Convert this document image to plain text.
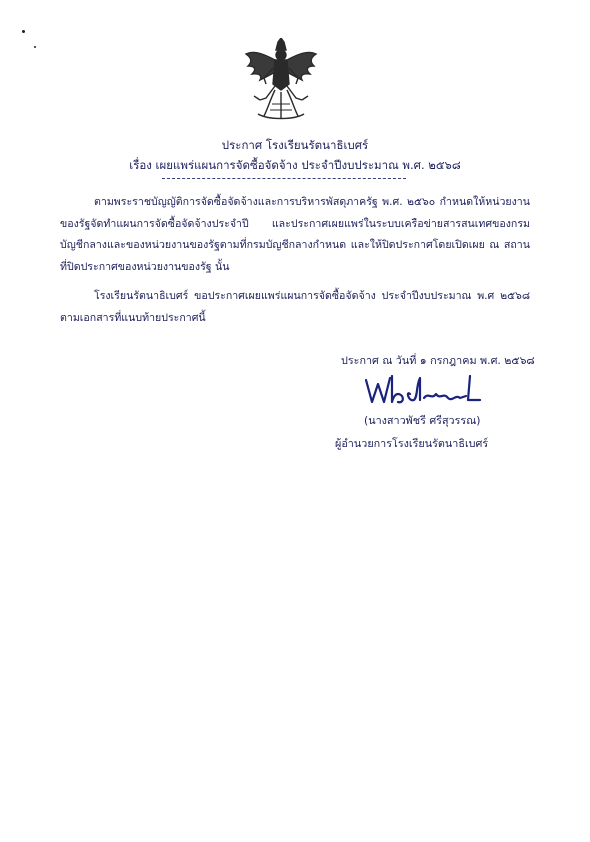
ประกาศ โรงเรียนรัตนาธิเบศร์
เรื่อง เผยแพร่แผนการจัดซื้อจัดจ้าง ประจำปีงบประมาณ พ.ศ. ๒๕๖๘

ตามพระราชบัญญัติการจัดซื้อจัดจ้างและการบริหารพัสดุภาครัฐ พ.ศ. ๒๕๖๐ กำหนดให้หน่วยงานของรัฐจัดทำแผนการจัดซื้อจัดจ้างประจำปี และประกาศเผยแพร่ในระบบเครือข่ายสารสนเทศของกรมบัญชีกลางและของหน่วยงานของรัฐตามที่กรมบัญชีกลางกำหนด และให้ปิดประกาศโดยเปิดเผย ณ สถานที่ปิดประกาศของหน่วยงานของรัฐ นั้น

โรงเรียนรัตนาธิเบศร์ ขอประกาศเผยแพร่แผนการจัดซื้อจัดจ้าง ประจำปีงบประมาณ พ.ศ ๒๕๖๘ ตามเอกสารที่แนบท้ายประกาศนี้

ประกาศ ณ วันที่ ๑ กรกฎาคม พ.ศ. ๒๕๖๘
(นางสาวพัชรี ศรีสุวรรณ)
ผู้อำนวยการโรงเรียนรัตนาธิเบศร์
